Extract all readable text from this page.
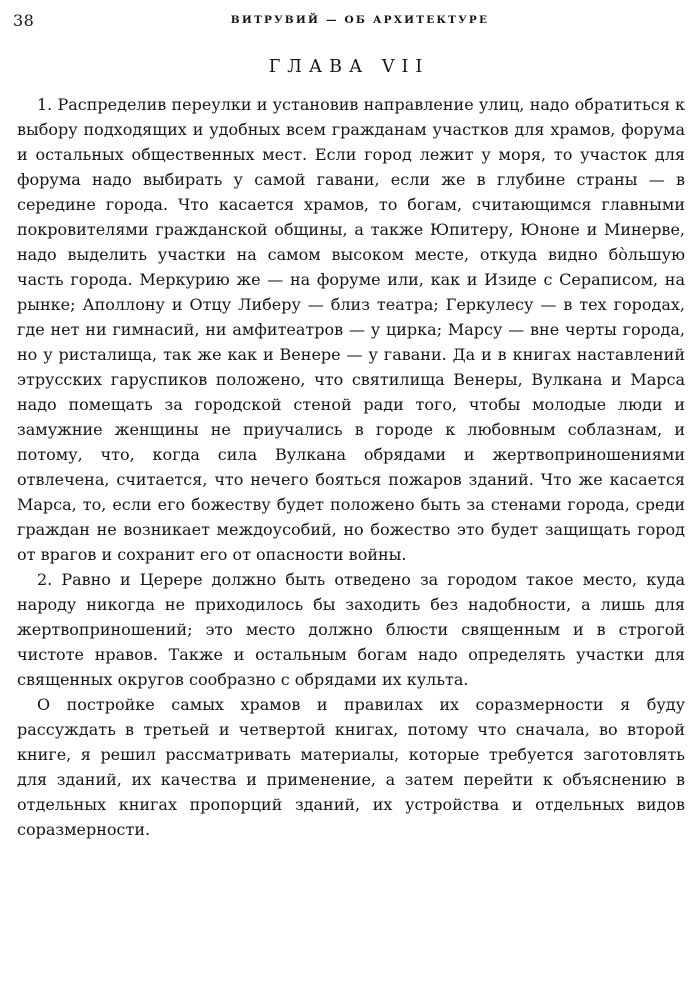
38	ВИТРУВИЙ — ОБ АРХИТЕКТУРЕ
ГЛАВА VII

1. Распределив переулки и установив направление улиц, надо обратиться к выбору подходящих и удобных всем гражданам участков для храмов, форума и остальных общественных мест. Если город лежит у моря, то участок для форума надо выбирать у самой гавани, если же в глубине страны — в середине города. Что касается храмов, то богам, считающимся главными покровителями гражданской общины, а также Юпитеру, Юноне и Минерве, надо выделить участки на самом высоком месте, откуда видно бо̀льшую часть города. Меркурию же — на форуме или, как и Изиде с Сераписом, на рынке; Аполлону и Отцу Либеру — близ театра; Геркулесу — в тех городах, где нет ни гимнасий, ни амфитеатров — у цирка; Марсу — вне черты города, но у ристалища, так же как и Венере — у гавани. Да и в книгах наставлений этрусских гаруспиков положено, что святилища Венеры, Вулкана и Марса надо помещать за городской стеной ради того, чтобы молодые люди и замужние женщины не приучались в городе к любовным соблазнам, и потому, что, когда сила Вулкана обрядами и жертвоприношениями отвлечена, считается, что нечего бояться пожаров зданий. Что же касается Марса, то, если его божеству будет положено быть за стенами города, среди граждан не возникает междоусобий, но божество это будет защищать город от врагов и сохранит его от опасности войны.

2. Равно и Церере должно быть отведено за городом такое место, куда народу никогда не приходилось бы заходить без надобности, а лишь для жертвоприношений; это место должно блюсти священным и в строгой чистоте нравов. Также и остальным богам надо определять участки для священных округов сообразно с обрядами их культа.

О постройке самых храмов и правилах их соразмерности я буду рассуждать в третьей и четвертой книгах, потому что сначала, во второй книге, я решил рассматривать материалы, которые требуется заготовлять для зданий, их качества и применение, а затем перейти к объяснению в отдельных книгах пропорций зданий, их устройства и отдельных видов соразмерности.
